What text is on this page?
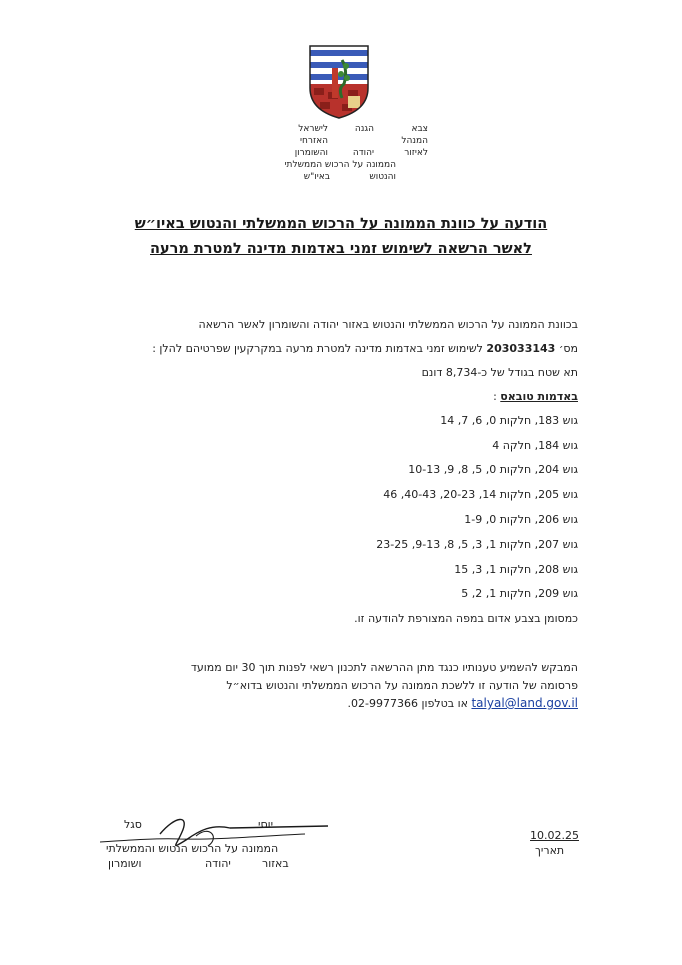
צבא
המנהל
לאיזור
הגנה

יהודה
לישראל
האזרחי
והשומרון
הממונה על הרכוש הממשלתי
והנטוש
באיו"ש
הודעה על כוונת הממונה על הרכוש הממשלתי והנטוש באיו״ש
לאשר הרשאה לשימוש זמני באדמות מדינה למטרת מרעה
בכוונת הממונה על הרכוש הממשלתי והנטוש באזור יהודה והשומרון לאשר הרשאה
מס׳ 203033143 לשימוש זמני באדמות מדינה למטרת מרעה במקרקעין שפרטיהם להלן :
תא שטח בגודל של כ-8,734 דונם
באדמות טובאס :
גוש 183, חלקות 0, 6, 7, 14
גוש 184, חלקה 4
גוש 204, חלקות 0, 5, 8, 9, 10-13
גוש 205, חלקות 14, 20-23, 40-43, 46
גוש 206, חלקות 0, 1-9
גוש 207, חלקות 1, 3, 5, 8, 9-13, 23-25
גוש 208, חלקות 1, 3, 15
גוש 209, חלקות 1, 2, 5
כמסומן בצבע אדום במפה המצורפת להודעה זו.
המבקש להשמיע טענותיו כנגד מתן ההרשאה לתכנון רשאי לפנות תוך 30 יום ממועד
פרסומה של הודעה זו ללשכת הממונה על הרכוש הממשלתי והנטוש בדוא״ל
talyal@land.gov.il או בטלפון 02-9977366.
יוסי
סגל
הממונה על הרכוש הנטוש והממשלתי
באזור
יהודה
ושומרון
10.02.25
תאריך
